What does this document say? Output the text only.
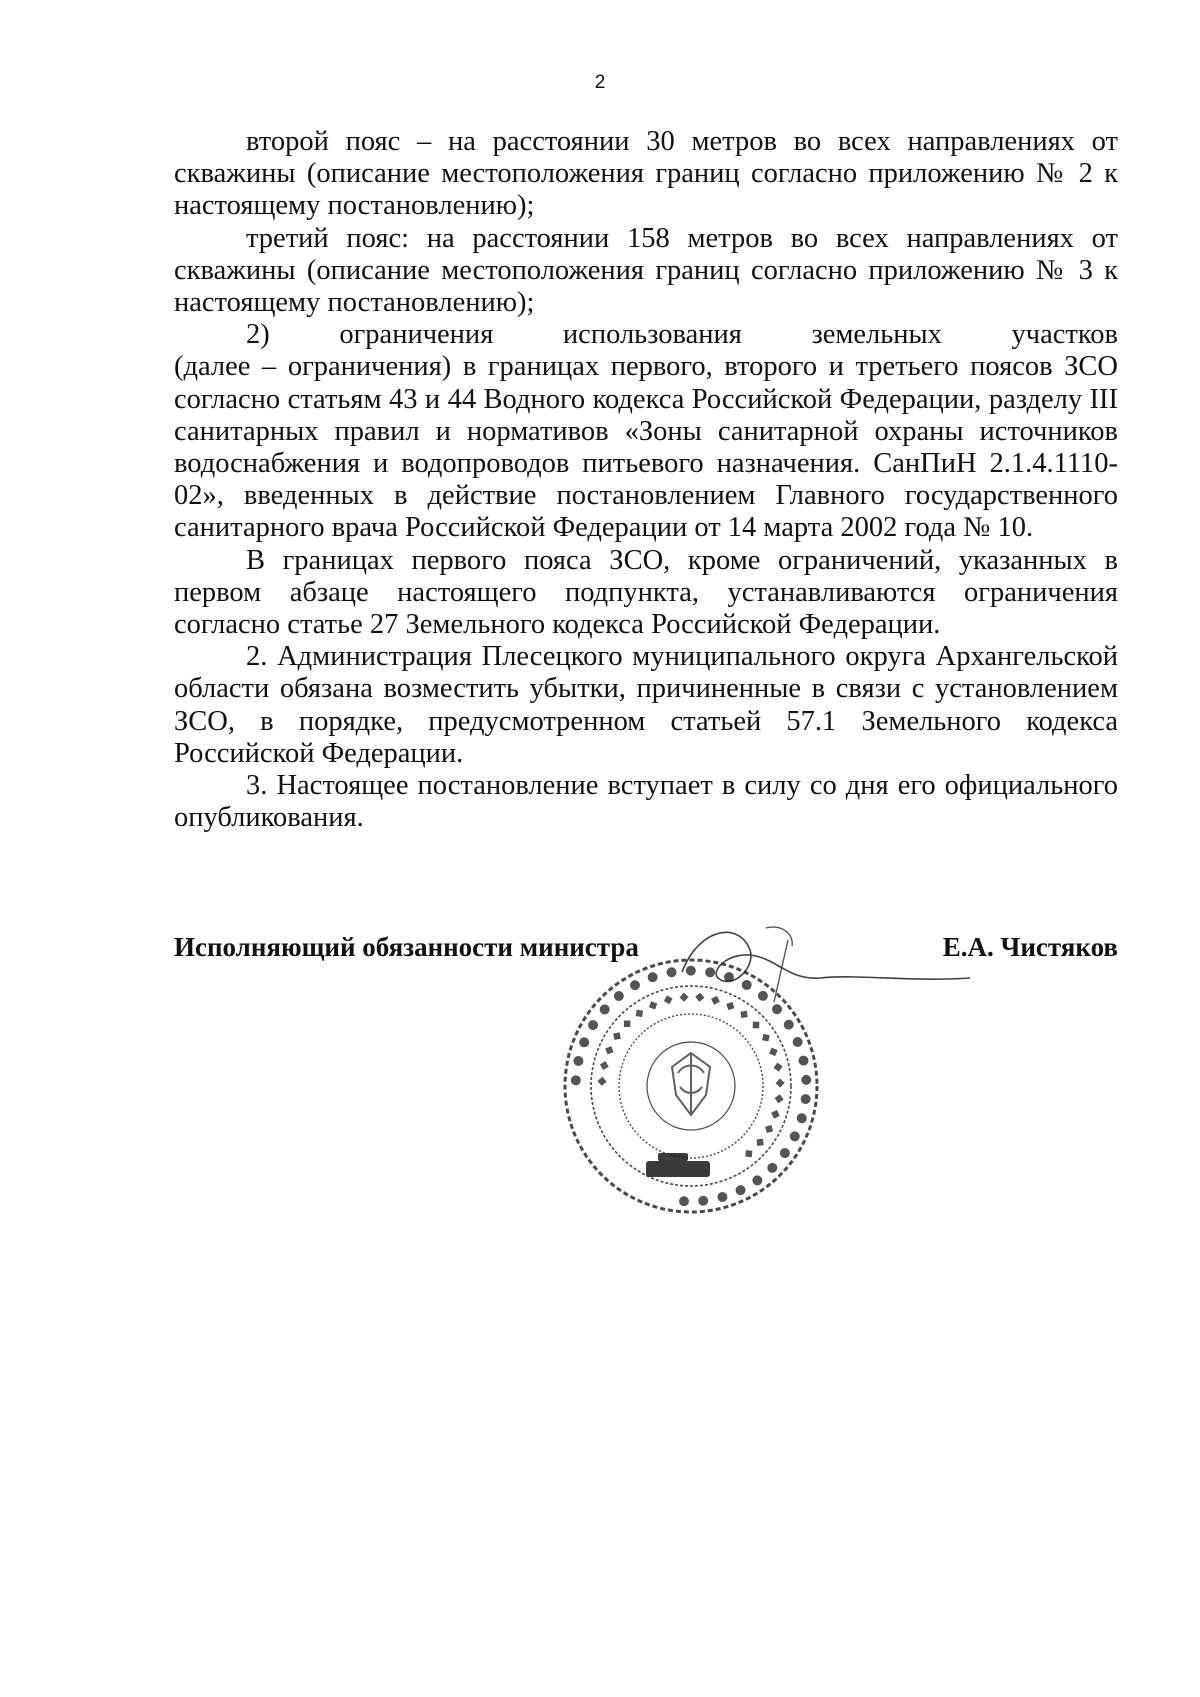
2

второй пояс – на расстоянии 30 метров во всех направлениях от скважины (описание местоположения границ согласно приложению № 2 к настоящему постановлению);

третий пояс: на расстоянии 158 метров во всех направлениях от скважины (описание местоположения границ согласно приложению № 3 к настоящему постановлению);

2) ограничения использования земельных участков

(далее – ограничения) в границах первого, второго и третьего поясов ЗСО согласно статьям 43 и 44 Водного кодекса Российской Федерации, разделу III санитарных правил и нормативов «Зоны санитарной охраны источников водоснабжения и водопроводов питьевого назначения. СанПиН 2.1.4.1110-02», введенных в действие постановлением Главного государственного санитарного врача Российской Федерации от 14 марта 2002 года № 10.

В границах первого пояса ЗСО, кроме ограничений, указанных в первом абзаце настоящего подпункта, устанавливаются ограничения согласно статье 27 Земельного кодекса Российской Федерации.

2. Администрация Плесецкого муниципального округа Архангельской области обязана возместить убытки, причиненные в связи с установлением ЗСО, в порядке, предусмотренном статьей 57.1 Земельного кодекса Российской Федерации.

3. Настоящее постановление вступает в силу со дня его официального опубликования.

● ● ● ● ● ● ● ● ● ● ● ● ● ● ● ● ● ● ● ● ● ● ● ● ● ● ● ● ●
◆ ◆ ◆ ◆ ◆ ◆ ◆ ◆ ◆ ◆ ◆ ◆ ◆ ◆ ◆ ◆ ◆ ◆ ◆ ◆ ◆ ◆ ◆
Исполняющий обязанности министра	Е.А. Чистяков
